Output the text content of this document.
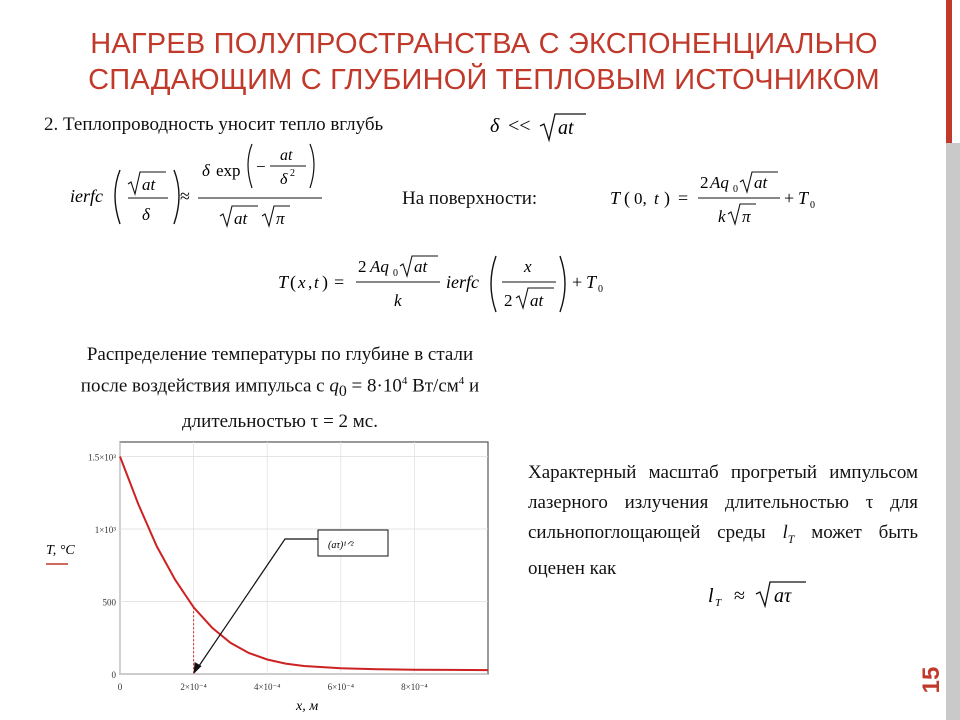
НАГРЕВ ПОЛУПРОСТРАНСТВА С ЭКСПОНЕНЦИАЛЬНО
СПАДАЮЩИМ С ГЛУБИНОЙ ТЕПЛОВЫМ ИСТОЧНИКОМ
15
2. Теплопроводность уносит тепло вглубь	δ << at
ierfc
at
δ
≈
δ exp −
at
δ 2
at π
На поверхности:	T ( 0, t ) =
2 Aq 0 at
k π
+ T 0
T ( x , t ) =
2 Aq 0 at
k
ierfc
x
2 at
+ T 0
Распределение температуры по глубине в стали
после воздействия импульса с $q_0 = 8\cdot 10^4$ $Вт/см^4$ и
длительностью τ = 2 мс.
0
500
1×10³
1.5×10³
0	2×10⁻⁴	4×10⁻⁴	6×10⁻⁴	8×10⁻⁴
(aτ)¹ᐟ²
T, °C
x, м
Характерный масштаб прогретый импульсом лазерного излучения длительностью τ для сильнопоглощающей среды $l_T$ может быть оценен как
l T ≈ aτ
